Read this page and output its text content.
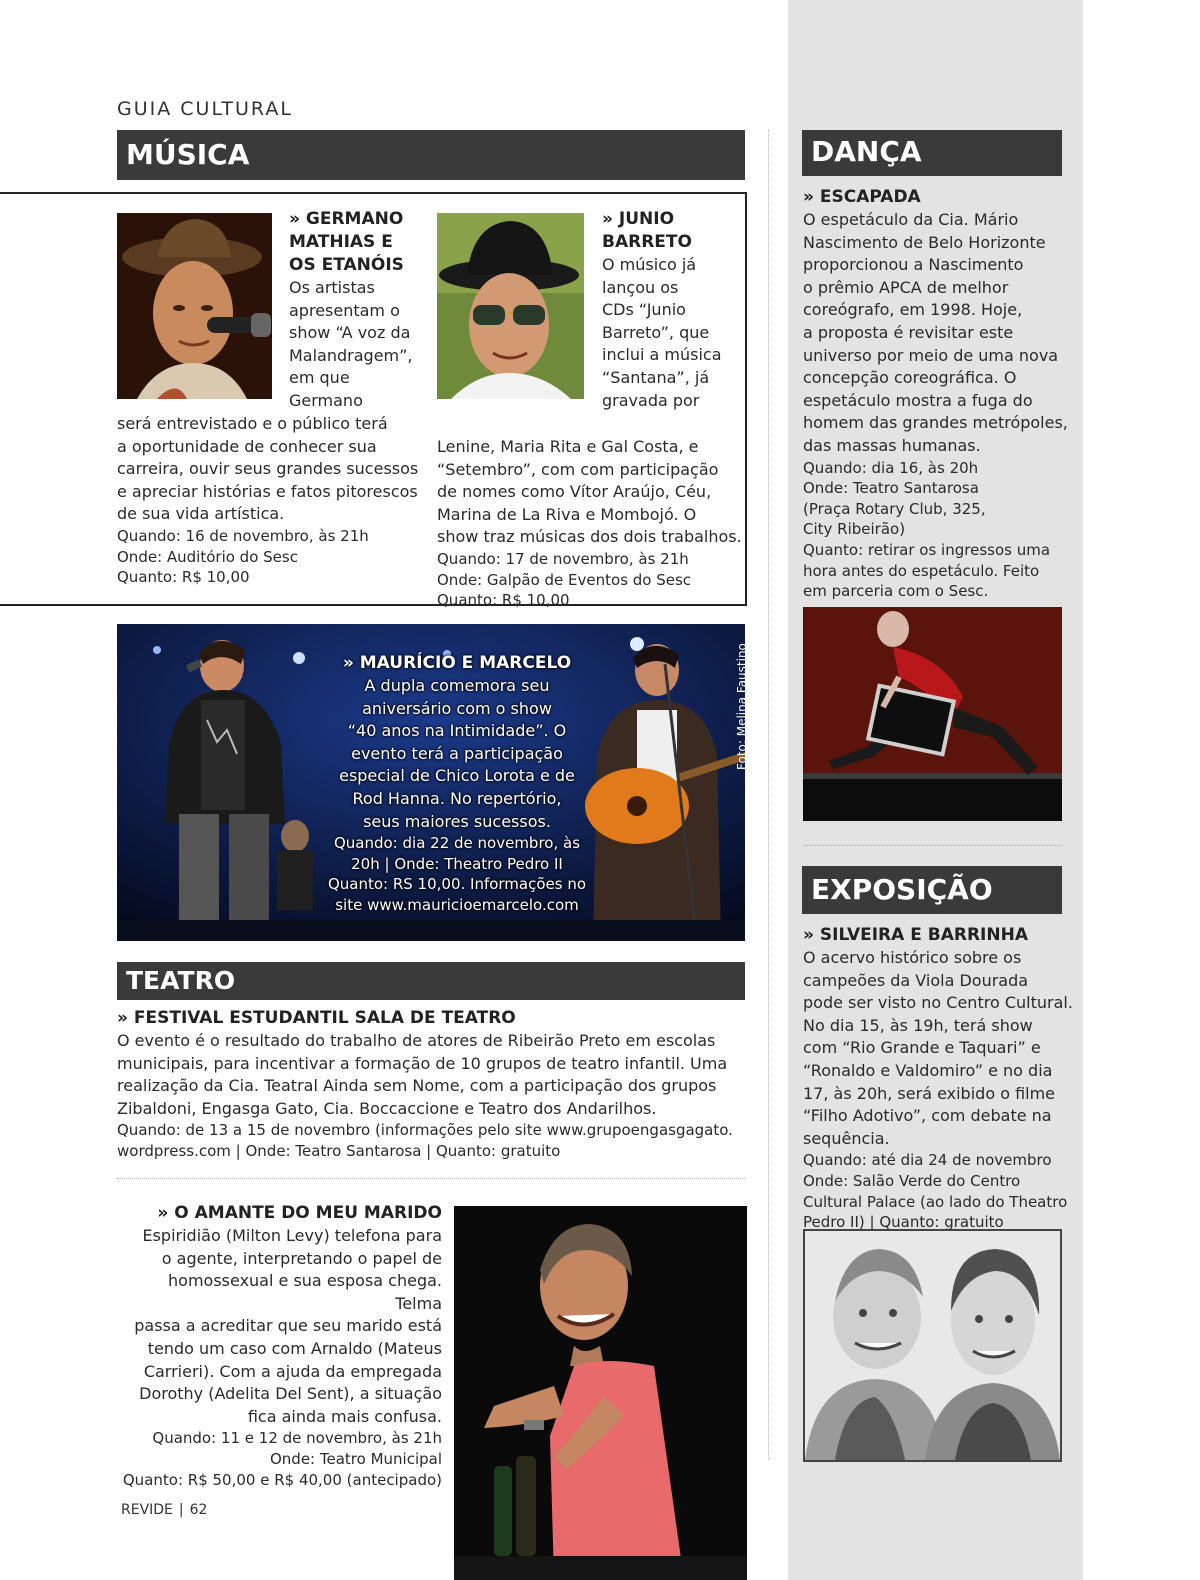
GUIA CULTURAL
MÚSICA
» GERMANO
MATHIAS E
OS ETANÓIS
Os artistas
apresentam o
show “A voz da
Malandragem”,
em que
Germano
será entrevistado e o público terá
a oportunidade de conhecer sua
carreira, ouvir seus grandes sucessos
e apreciar histórias e fatos pitorescos
de sua vida artística.
Quando: 16 de novembro, às 21h
Onde: Auditório do Sesc
Quanto: R$ 10,00
» JUNIO
BARRETO
O músico já
lançou os
CDs “Junio
Barreto”, que
inclui a música
“Santana”, já
gravada por
Lenine, Maria Rita e Gal Costa, e
“Setembro”, com com participação
de nomes como Vítor Araújo, Céu,
Marina de La Riva e Mombojó. O
show traz músicas dos dois trabalhos.
Quando: 17 de novembro, às 21h
Onde: Galpão de Eventos do Sesc
Quanto: R$ 10,00
» MAURÍCIO E MARCELO
A dupla comemora seu
aniversário com o show
“40 anos na Intimidade”. O
evento terá a participação
especial de Chico Lorota e de
Rod Hanna. No repertório,
seus maiores sucessos.
Quando: dia 22 de novembro, às
20h | Onde: Theatro Pedro II
Quanto: RS 10,00. Informações no
site www.mauricioemarcelo.com
Foto: Melina Faustino
TEATRO
» FESTIVAL ESTUDANTIL SALA DE TEATRO
O evento é o resultado do trabalho de atores de Ribeirão Preto em escolas
municipais, para incentivar a formação de 10 grupos de teatro infantil. Uma
realização da Cia. Teatral Ainda sem Nome, com a participação dos grupos
Zibaldoni, Engasga Gato, Cia. Boccaccione e Teatro dos Andarilhos.
Quando: de 13 a 15 de novembro (informações pelo site www.grupoengasgagato.
wordpress.com | Onde: Teatro Santarosa | Quanto: gratuito
» O AMANTE DO MEU MARIDO
Espiridião (Milton Levy) telefona para
o agente, interpretando o papel de
homossexual e sua esposa chega. Telma
passa a acreditar que seu marido está
tendo um caso com Arnaldo (Mateus
Carrieri). Com a ajuda da empregada
Dorothy (Adelita Del Sent), a situação
fica ainda mais confusa.
Quando: 11 e 12 de novembro, às 21h
Onde: Teatro Municipal
Quanto: R$ 50,00 e R$ 40,00 (antecipado)
DANÇA
» ESCAPADA
O espetáculo da Cia. Mário
Nascimento de Belo Horizonte
proporcionou a Nascimento
o prêmio APCA de melhor
coreógrafo, em 1998. Hoje,
a proposta é revisitar este
universo por meio de uma nova
concepção coreográfica. O
espetáculo mostra a fuga do
homem das grandes metrópoles,
das massas humanas.
Quando: dia 16, às 20h
Onde: Teatro Santarosa
(Praça Rotary Club, 325,
City Ribeirão)
Quanto: retirar os ingressos uma
hora antes do espetáculo. Feito
em parceria com o Sesc.
EXPOSIÇÃO
» SILVEIRA E BARRINHA
O acervo histórico sobre os
campeões da Viola Dourada
pode ser visto no Centro Cultural.
No dia 15, às 19h, terá show
com “Rio Grande e Taquari” e
“Ronaldo e Valdomiro” e no dia
17, às 20h, será exibido o filme
“Filho Adotivo”, com debate na
sequência.
Quando: até dia 24 de novembro
Onde: Salão Verde do Centro
Cultural Palace (ao lado do Theatro
Pedro II) | Quanto: gratuito
REVIDE | 62
